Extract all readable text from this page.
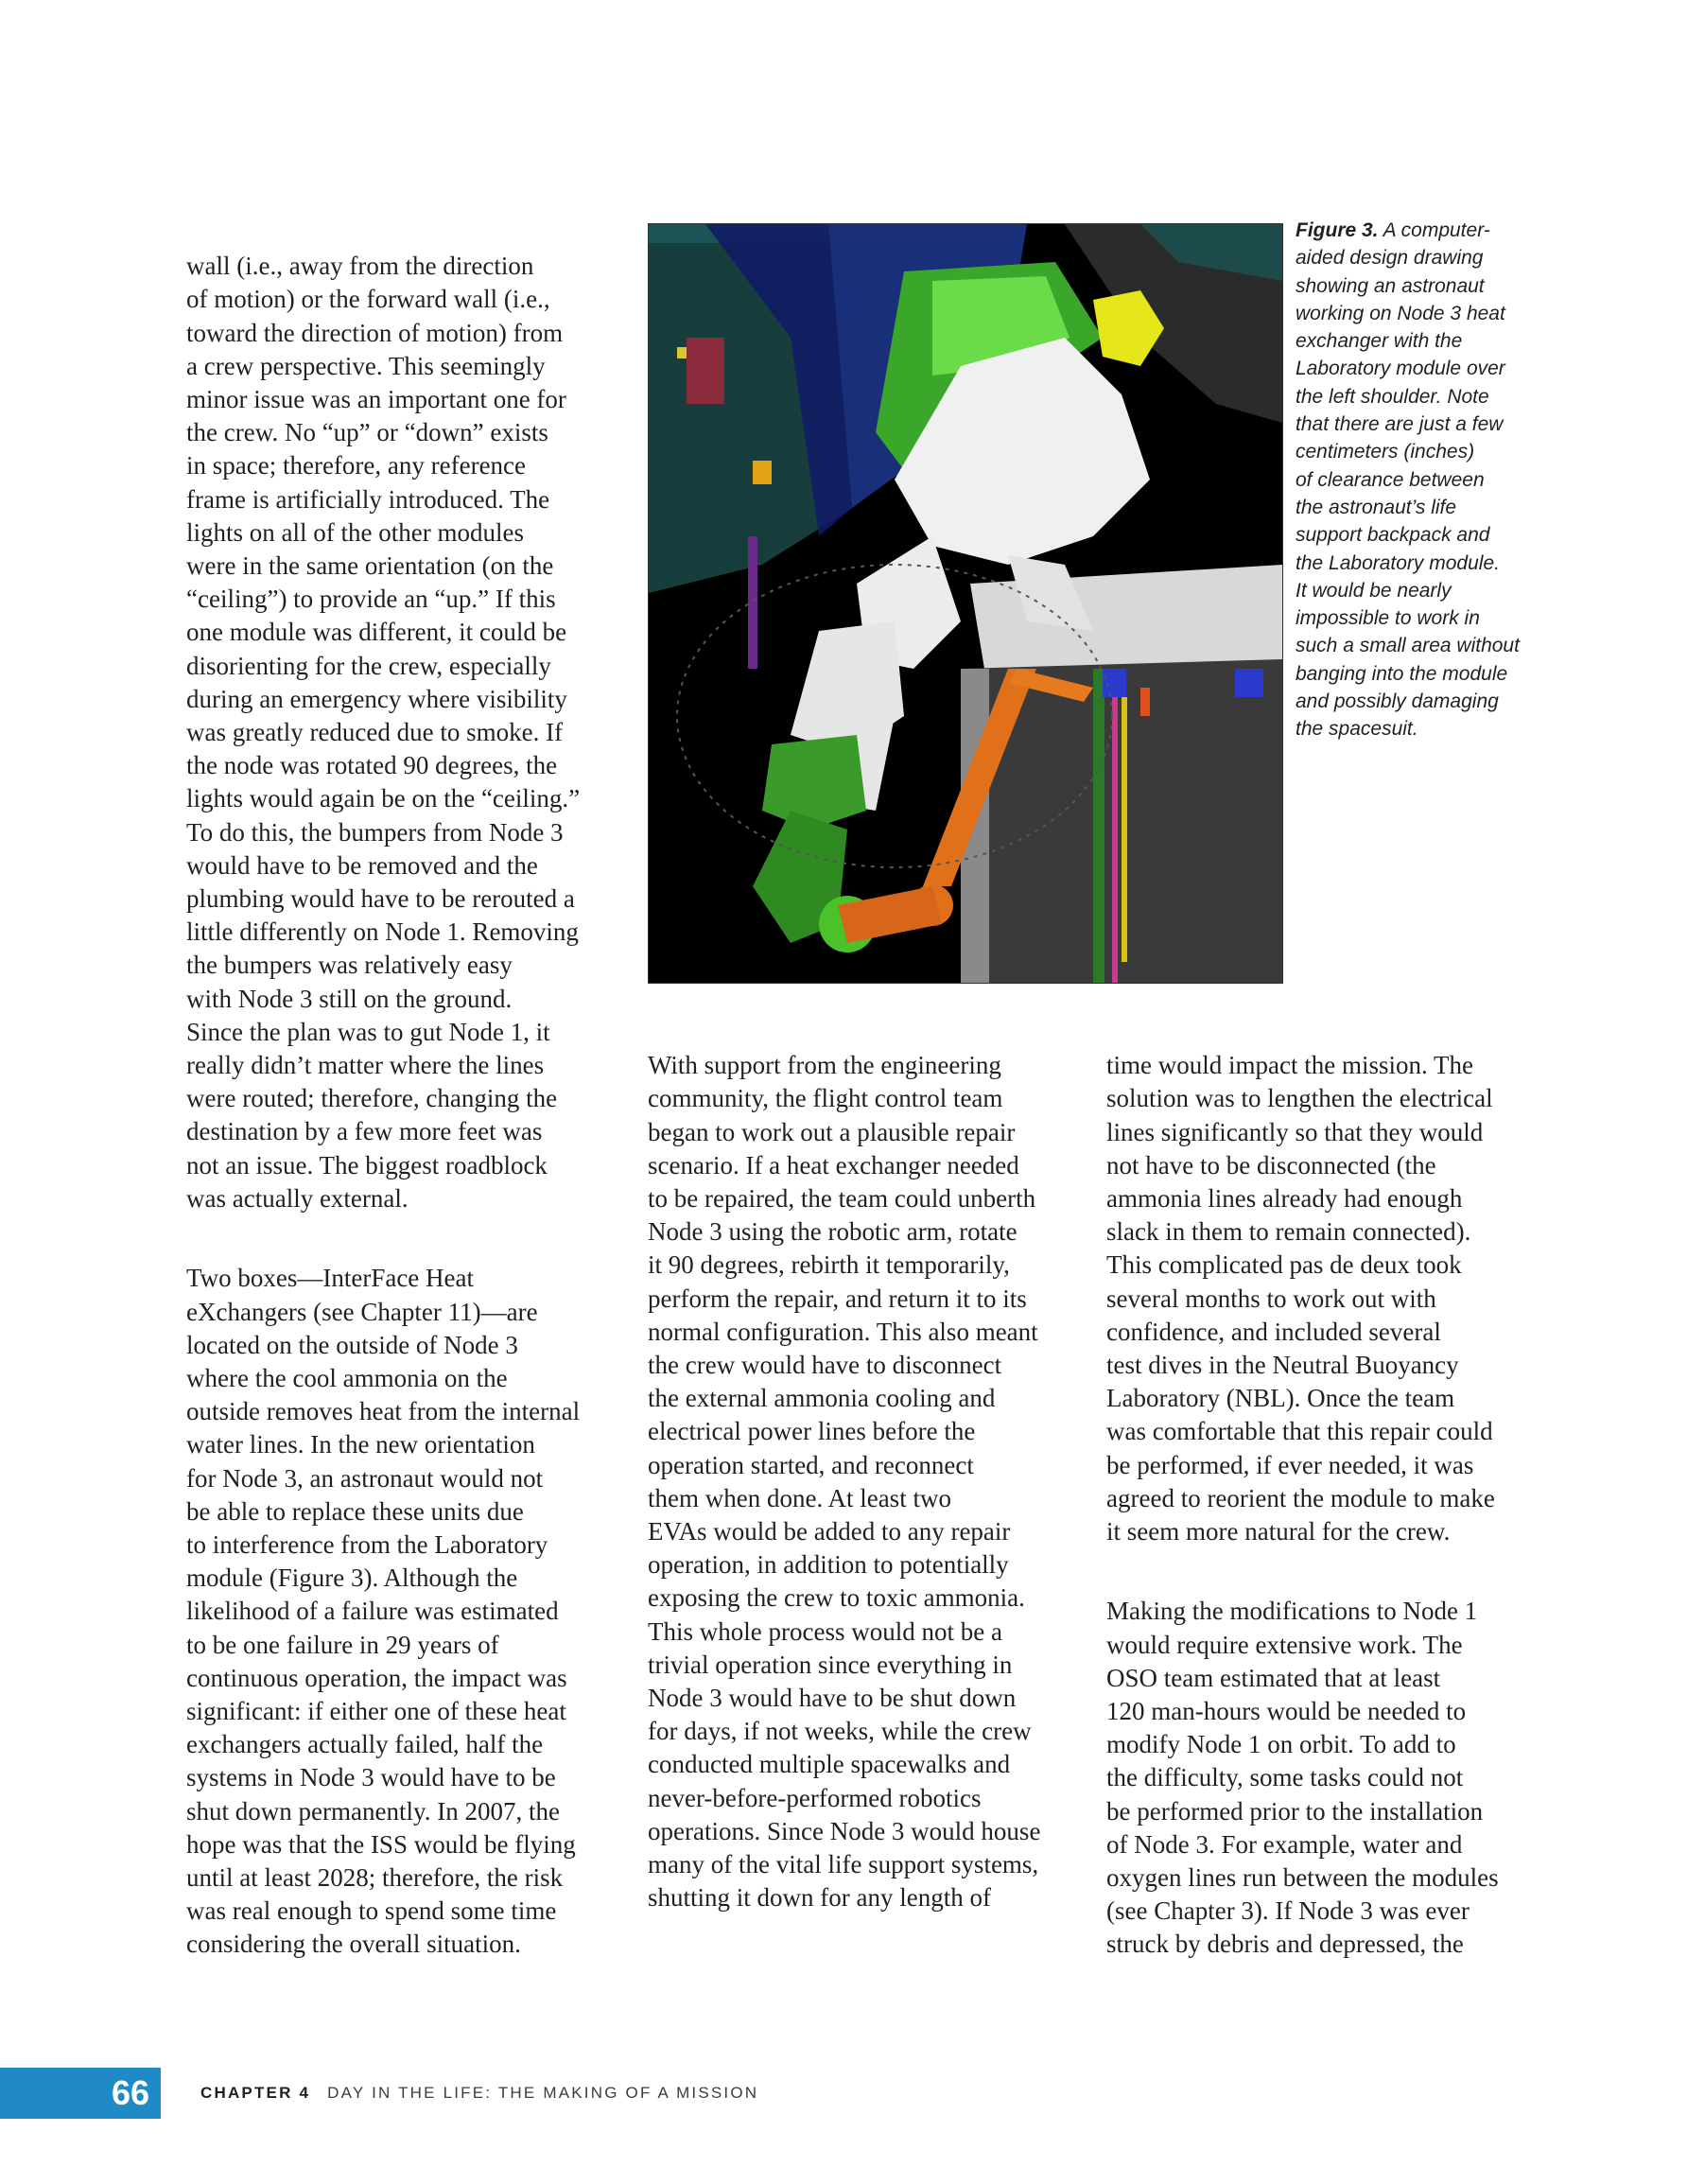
wall (i.e., away from the direction
of motion) or the forward wall (i.e.,
toward the direction of motion) from
a crew perspective. This seemingly
minor issue was an important one for
the crew. No “up” or “down” exists
in space; therefore, any reference
frame is artificially introduced. The
lights on all of the other modules
were in the same orientation (on the
“ceiling”) to provide an “up.” If this
one module was different, it could be
disorienting for the crew, especially
during an emergency where visibility
was greatly reduced due to smoke. If
the node was rotated 90 degrees, the
lights would again be on the “ceiling.”
To do this, the bumpers from Node 3
would have to be removed and the
plumbing would have to be rerouted a
little differently on Node 1. Removing
the bumpers was relatively easy
with Node 3 still on the ground.
Since the plan was to gut Node 1, it
really didn’t matter where the lines
were routed; therefore, changing the
destination by a few more feet was
not an issue. The biggest roadblock
was actually external.

Two boxes—InterFace Heat
eXchangers (see Chapter 11)—are
located on the outside of Node 3
where the cool ammonia on the
outside removes heat from the internal
water lines. In the new orientation
for Node 3, an astronaut would not
be able to replace these units due
to interference from the Laboratory
module (Figure 3). Although the
likelihood of a failure was estimated
to be one failure in 29 years of
continuous operation, the impact was
significant: if either one of these heat
exchangers actually failed, half the
systems in Node 3 would have to be
shut down permanently. In 2007, the
hope was that the ISS would be flying
until at least 2028; therefore, the risk
was real enough to spend some time
considering the overall situation.

Figure 3. A computer-
aided design drawing
showing an astronaut
working on Node 3 heat
exchanger with the
Laboratory module over
the left shoulder. Note
that there are just a few
centimeters (inches)
of clearance between
the astronaut’s life
support backpack and
the Laboratory module.
It would be nearly
impossible to work in
such a small area without
banging into the module
and possibly damaging
the spacesuit.

With support from the engineering
community, the flight control team
began to work out a plausible repair
scenario. If a heat exchanger needed
to be repaired, the team could unberth
Node 3 using the robotic arm, rotate
it 90 degrees, rebirth it temporarily,
perform the repair, and return it to its
normal configuration. This also meant
the crew would have to disconnect
the external ammonia cooling and
electrical power lines before the
operation started, and reconnect
them when done. At least two
EVAs would be added to any repair
operation, in addition to potentially
exposing the crew to toxic ammonia.
This whole process would not be a
trivial operation since everything in
Node 3 would have to be shut down
for days, if not weeks, while the crew
conducted multiple spacewalks and
never-before-performed robotics
operations. Since Node 3 would house
many of the vital life support systems,
shutting it down for any length of

time would impact the mission. The
solution was to lengthen the electrical
lines significantly so that they would
not have to be disconnected (the
ammonia lines already had enough
slack in them to remain connected).
This complicated pas de deux took
several months to work out with
confidence, and included several
test dives in the Neutral Buoyancy
Laboratory (NBL). Once the team
was comfortable that this repair could
be performed, if ever needed, it was
agreed to reorient the module to make
it seem more natural for the crew.

Making the modifications to Node 1
would require extensive work. The
OSO team estimated that at least
120 man-hours would be needed to
modify Node 1 on orbit. To add to
the difficulty, some tasks could not
be performed prior to the installation
of Node 3. For example, water and
oxygen lines run between the modules
(see Chapter 3). If Node 3 was ever
struck by debris and depressed, the

66	CHAPTER 4 DAY IN THE LIFE: THE MAKING OF A MISSION
